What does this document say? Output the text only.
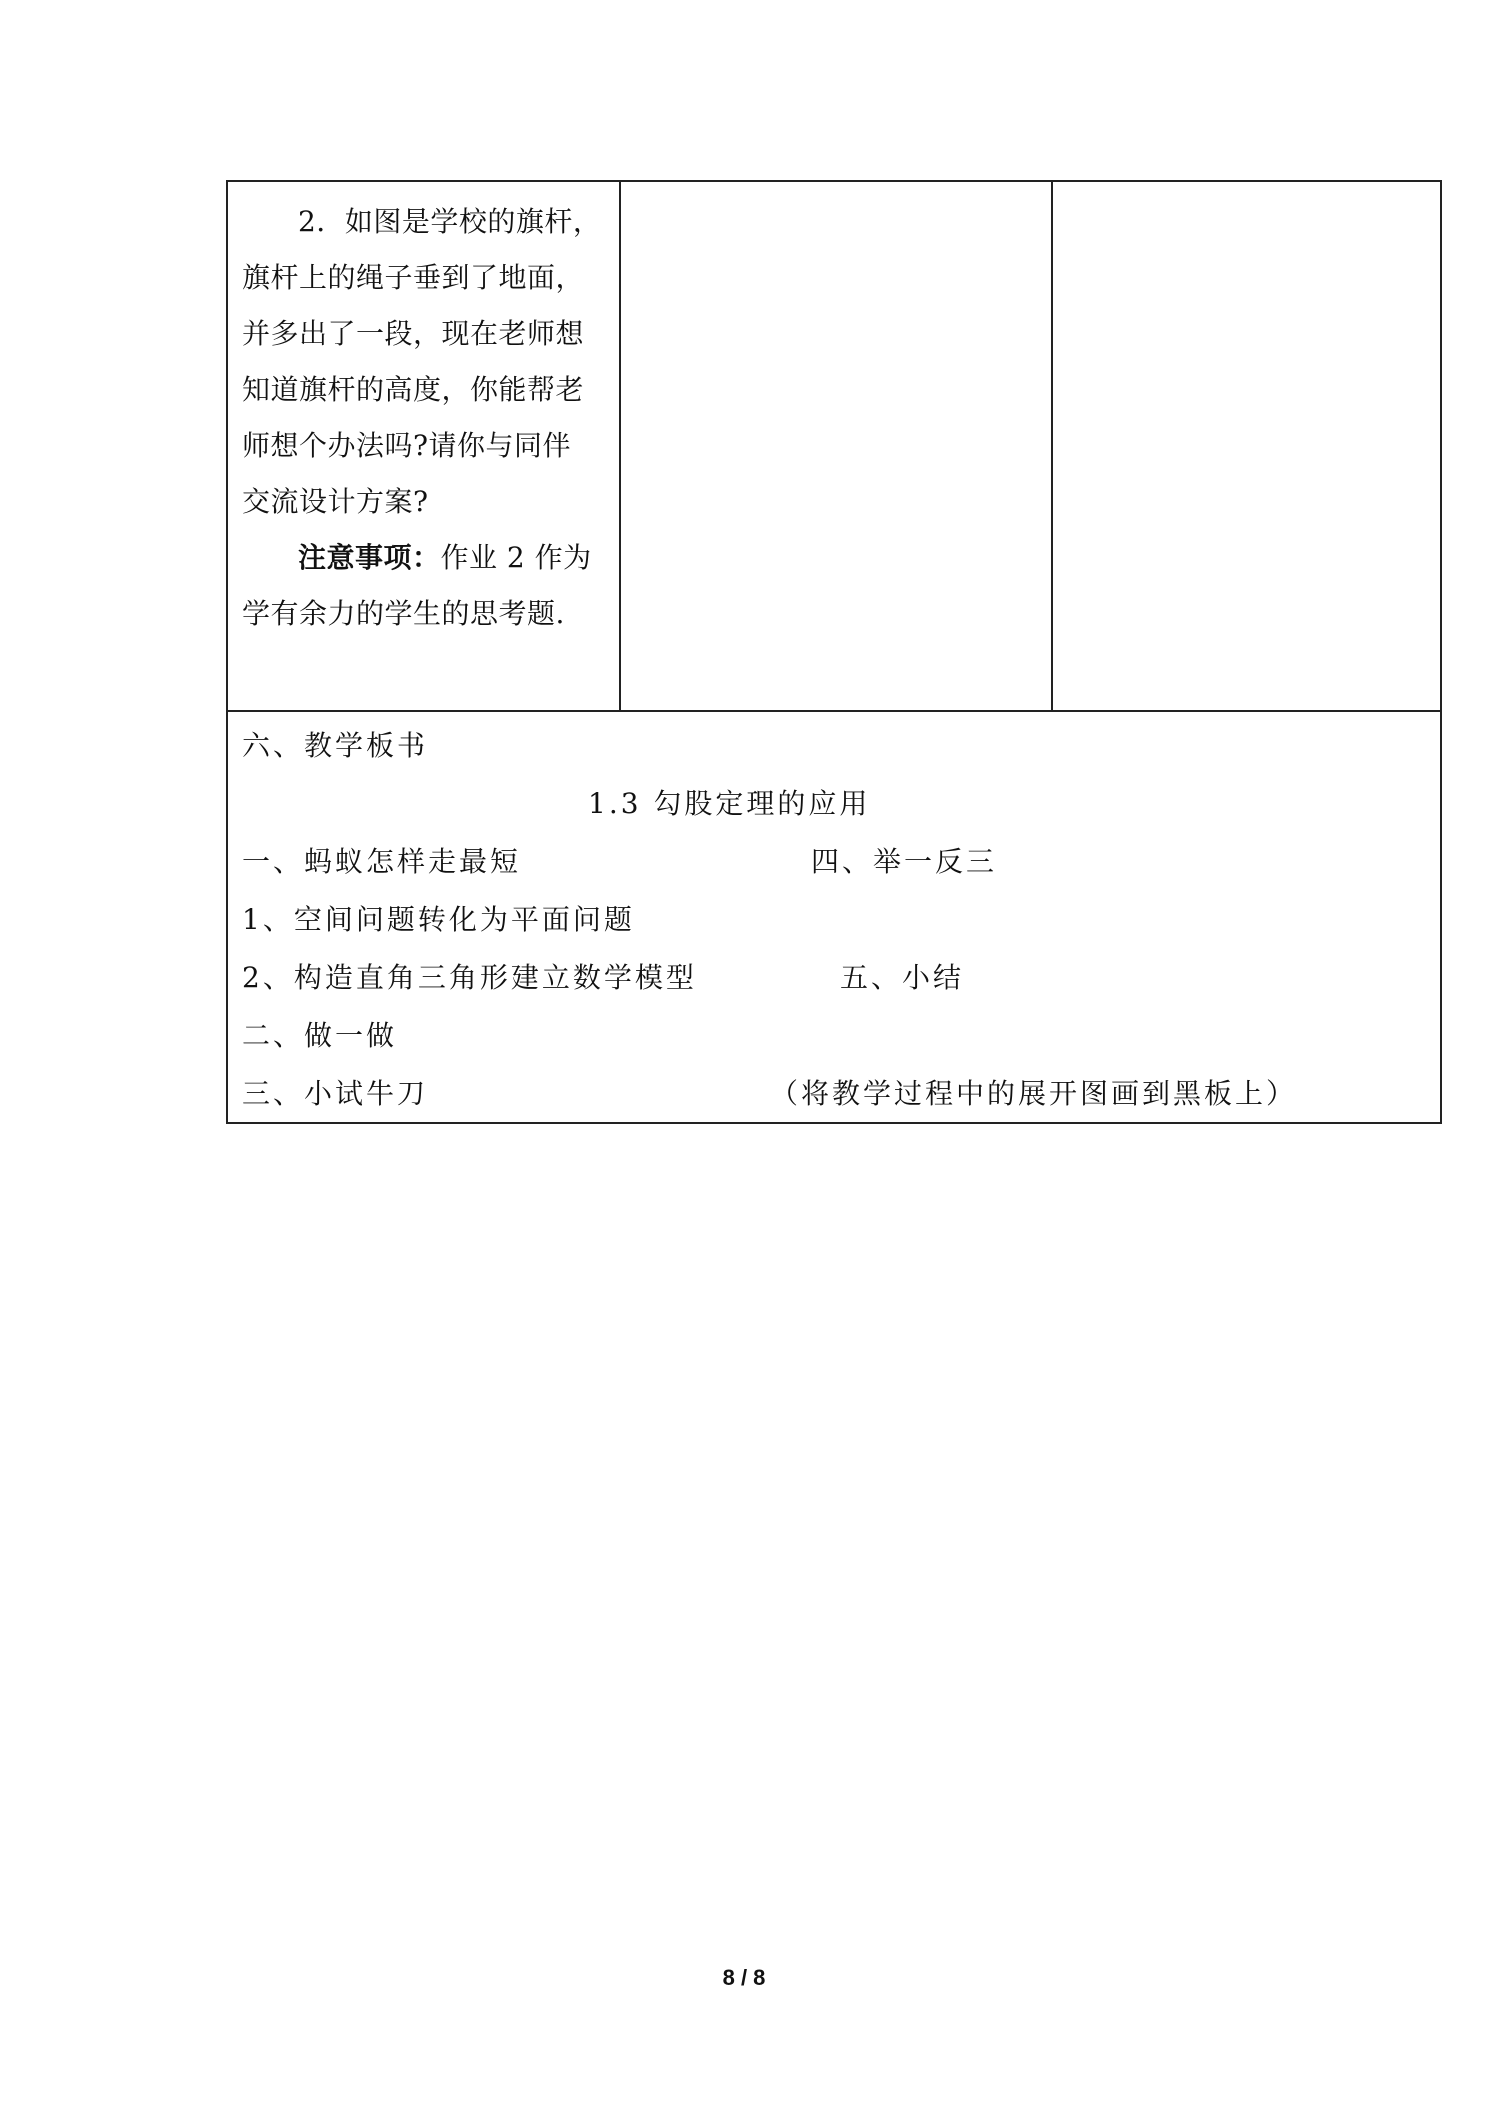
2．如图是学校的旗杆，

旗杆上的绳子垂到了地面，

并多出了一段，现在老师想

知道旗杆的高度，你能帮老

师想个办法吗?请你与同伴

交流设计方案?

注意事项：作业 2 作为

学有余力的学生的思考题.

六、教学板书
1.3 勾股定理的应用
一、蚂蚁怎样走最短	四、举一反三
1、空间问题转化为平面问题
2、构造直角三角形建立数学模型	五、小结
二、做一做
三、小试牛刀	（将教学过程中的展开图画到黑板上）
8 / 8
